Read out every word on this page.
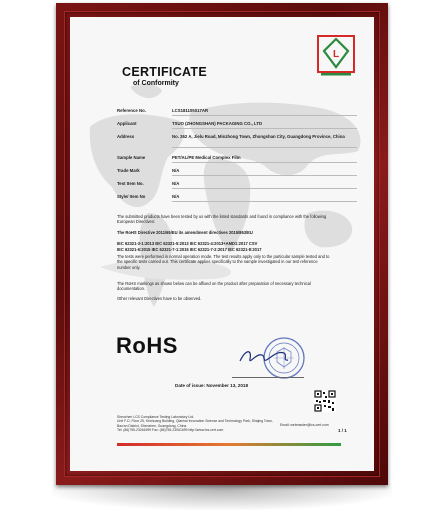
CERTIFICATE
of Conformity
L
Reference No.	LCS181105017AR
Applicant	TSUO (ZHONGSHAN) PACKAGING CO., LTD
Address	No. 262 A, Jielu Road, Minzhong Town, Zhongshan City, Guangdong Province, China
Sample Name	PET/AL/PE Medical Complex Film
Trade Mark	N/A
Test Item No.	N/A
Style/ Item No	N/A
The submitted products have been tested by us with the listed standards and found in compliance with the following European Directives:
The RoHS Directive 2011/65/EU its amendment directives 2015/863/EU
IEC 62321-3-1:2013 IEC 62321-5:2013 IEC 62321-4:2013+AMD1:2017 CSV
IEC 62321-6:2015 IEC 62321-7-1:2015 IEC 62321-7-2:2017 IEC 62321-8:2017
The tests were performed in normal operation mode. The test results apply only to the particular sample tested and to the specific tests carried out. This certificate applies specifically to the sample investigated in our test reference number only.
The RoHS markings as shown below can be affixed on the product after preparation of necessary technical documentation.
Other relevant Directives have to be observed.
RoHS
Date of issue: November 13, 2018
Shenzhen LCS Compliance Testing Laboratory Ltd.
Unit F-D, Floor 25, Kechuang Building, Qianhai Innovation Science and Technology Park, Shajing Town,
Bao'an District, Shenzhen, Guangdong, China
Tel: (86)755-23061699 Fax: (86)755-23061699 http://www.lcs-cert.com
Email: webmaster@lcs-cert.com
1 / 1
